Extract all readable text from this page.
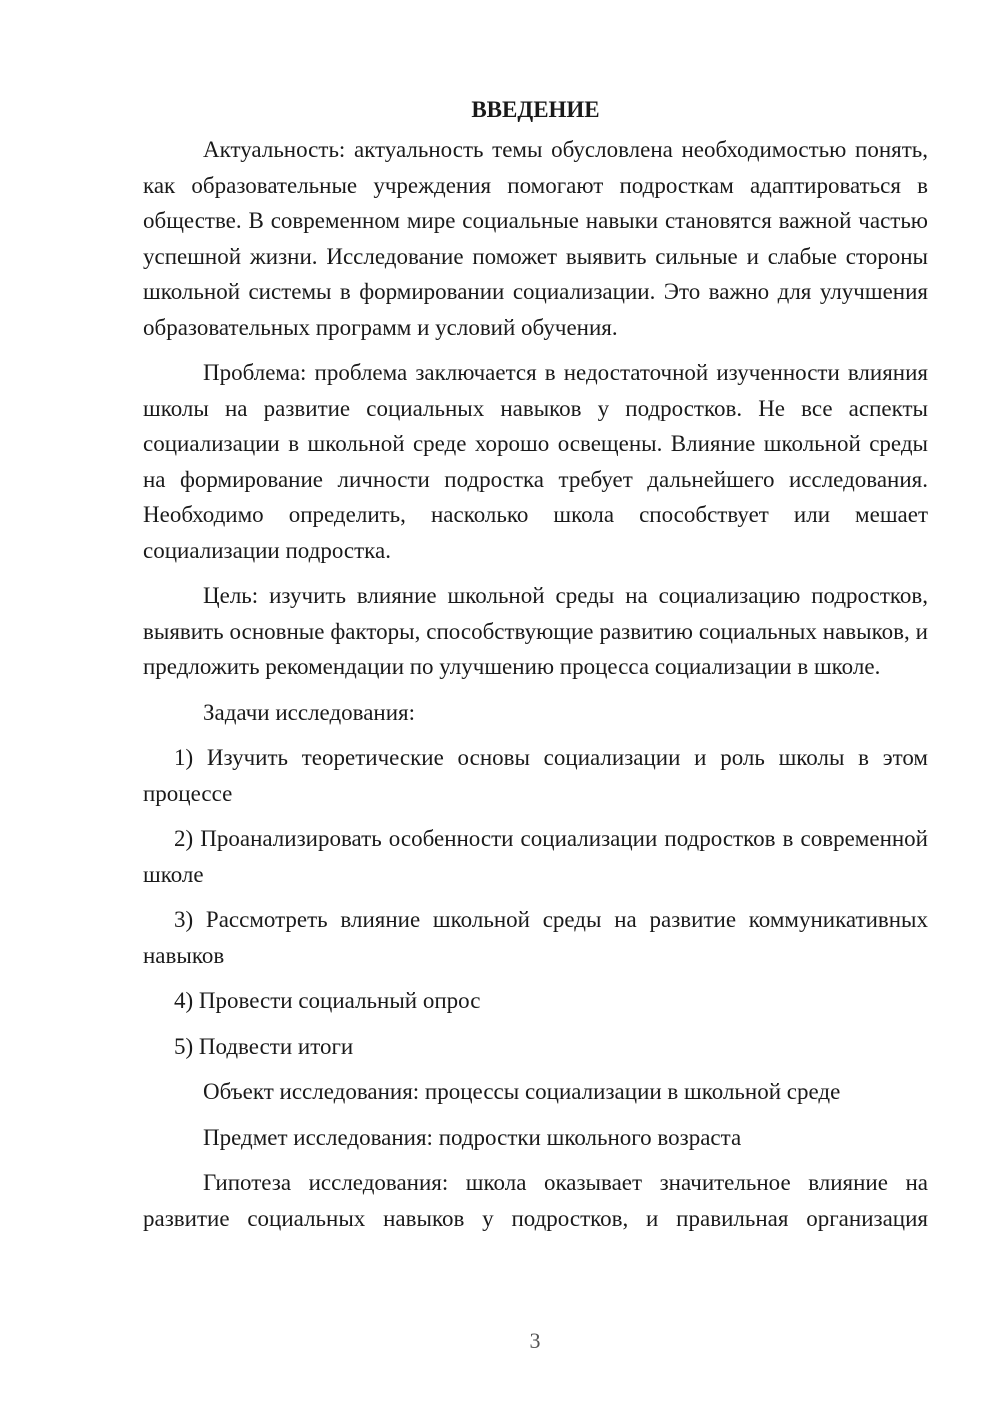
ВВЕДЕНИЕ

Актуальность: актуальность темы обусловлена необходимостью понять, как образовательные учреждения помогают подросткам адаптироваться в обществе. В современном мире социальные навыки становятся важной частью успешной жизни. Исследование поможет выявить сильные и слабые стороны школьной системы в формировании социализации. Это важно для улучшения образовательных программ и условий обучения.

Проблема: проблема заключается в недостаточной изученности влияния школы на развитие социальных навыков у подростков. Не все аспекты социализации в школьной среде хорошо освещены. Влияние школьной среды на формирование личности подростка требует дальнейшего исследования. Необходимо определить, насколько школа способствует или мешает социализации подростка.

Цель: изучить влияние школьной среды на социализацию подростков, выявить основные факторы, способствующие развитию социальных навыков, и предложить рекомендации по улучшению процесса социализации в школе.

Задачи исследования:

1) Изучить теоретические основы социализации и роль школы в этом процессе

2) Проанализировать особенности социализации подростков в современной школе

3) Рассмотреть влияние школьной среды на развитие коммуникативных навыков

4) Провести социальный опрос

5) Подвести итоги

Объект исследования: процессы социализации в школьной среде

Предмет исследования: подростки школьного возраста

Гипотеза исследования: школа оказывает значительное влияние на развитие социальных навыков у подростков, и правильная организация

3
